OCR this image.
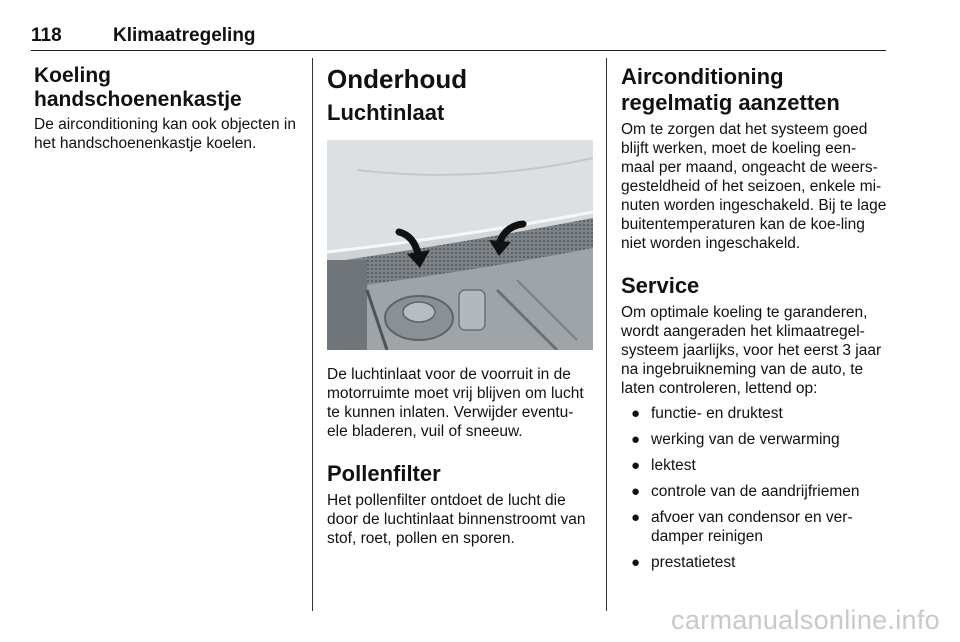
118	Klimaatregeling
Koeling handschoenenkastje

De airconditioning kan ook objecten in het handschoenenkastje koelen.

Onderhoud
Luchtinlaat

De luchtinlaat voor de voorruit in de motorruimte moet vrij blijven om lucht te kunnen inlaten. Verwijder eventu-ele bladeren, vuil of sneeuw.

Pollenfilter

Het pollenfilter ontdoet de lucht die door de luchtinlaat binnenstroomt van stof, roet, pollen en sporen.

Airconditioning regelmatig aanzetten

Om te zorgen dat het systeem goed blijft werken, moet de koeling een-maal per maand, ongeacht de weers-gesteldheid of het seizoen, enkele mi-nuten worden ingeschakeld. Bij te lage buitentemperaturen kan de koe-ling niet worden ingeschakeld.

Service

Om optimale koeling te garanderen, wordt aangeraden het klimaatregel-systeem jaarlijks, voor het eerst 3 jaar na ingebruikneming van de auto, te laten controleren, lettend op:

● functie- en druktest
● werking van de verwarming
● lektest
● controle van de aandrijfriemen
● afvoer van condensor en ver-damper reinigen
● prestatietest
carmanualsonline.info
